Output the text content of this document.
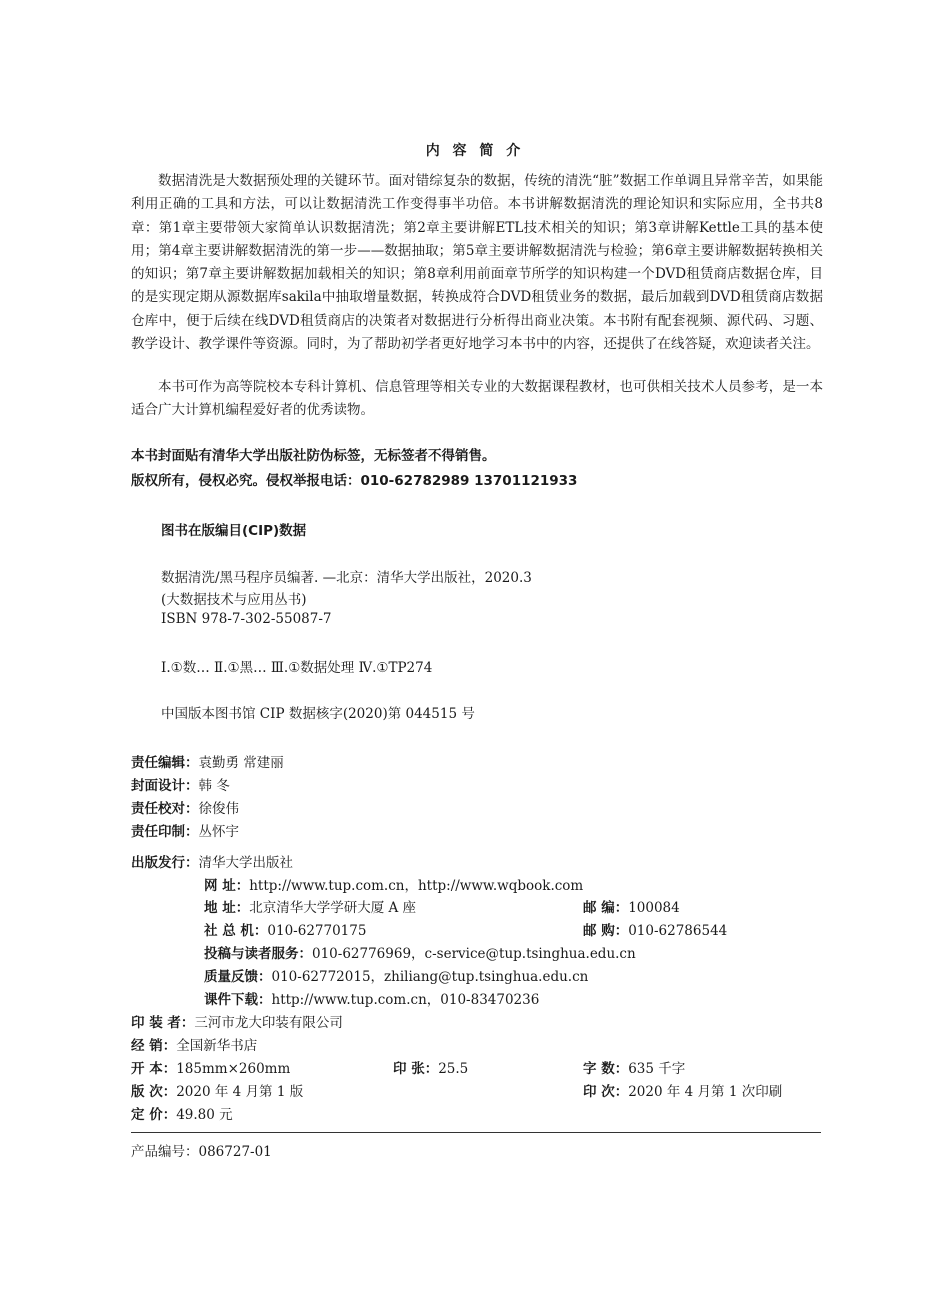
内 容 简 介

数据清洗是大数据预处理的关键环节。面对错综复杂的数据，传统的清洗“脏”数据工作单调且异常辛苦，如果能利用正确的工具和方法，可以让数据清洗工作变得事半功倍。本书讲解数据清洗的理论知识和实际应用，全书共8章：第1章主要带领大家简单认识数据清洗；第2章主要讲解ETL技术相关的知识；第3章讲解Kettle工具的基本使用；第4章主要讲解数据清洗的第一步——数据抽取；第5章主要讲解数据清洗与检验；第6章主要讲解数据转换相关的知识；第7章主要讲解数据加载相关的知识；第8章利用前面章节所学的知识构建一个DVD租赁商店数据仓库，目的是实现定期从源数据库sakila中抽取增量数据，转换成符合DVD租赁业务的数据，最后加载到DVD租赁商店数据仓库中，便于后续在线DVD租赁商店的决策者对数据进行分析得出商业决策。本书附有配套视频、源代码、习题、教学设计、教学课件等资源。同时，为了帮助初学者更好地学习本书中的内容，还提供了在线答疑，欢迎读者关注。

本书可作为高等院校本专科计算机、信息管理等相关专业的大数据课程教材，也可供相关技术人员参考，是一本适合广大计算机编程爱好者的优秀读物。

本书封面贴有清华大学出版社防伪标签，无标签者不得销售。
版权所有，侵权必究。侵权举报电话：010-62782989 13701121933
图书在版编目(CIP)数据
数据清洗/黑马程序员编著. —北京：清华大学出版社，2020.3
(大数据技术与应用丛书)
ISBN 978-7-302-55087-7
Ⅰ.①数… Ⅱ.①黑… Ⅲ.①数据处理 Ⅳ.①TP274
中国版本图书馆 CIP 数据核字(2020)第 044515 号
责任编辑：袁勤勇 常建丽
封面设计：韩 冬
责任校对：徐俊伟
责任印制：丛怀宇
出版发行：清华大学出版社
网 址：http://www.tup.com.cn，http://www.wqbook.com
地 址：北京清华大学学研大厦 A 座	邮 编：100084
社 总 机：010-62770175	邮 购：010-62786544
投稿与读者服务：010-62776969，c-service@tup.tsinghua.edu.cn
质量反馈：010-62772015，zhiliang@tup.tsinghua.edu.cn
课件下载：http://www.tup.com.cn，010-83470236
印 装 者：三河市龙大印装有限公司
经 销：全国新华书店
开 本：185mm×260mm	印 张：25.5	字 数：635 千字
版 次：2020 年 4 月第 1 版	印 次：2020 年 4 月第 1 次印刷
定 价：49.80 元
产品编号：086727-01
